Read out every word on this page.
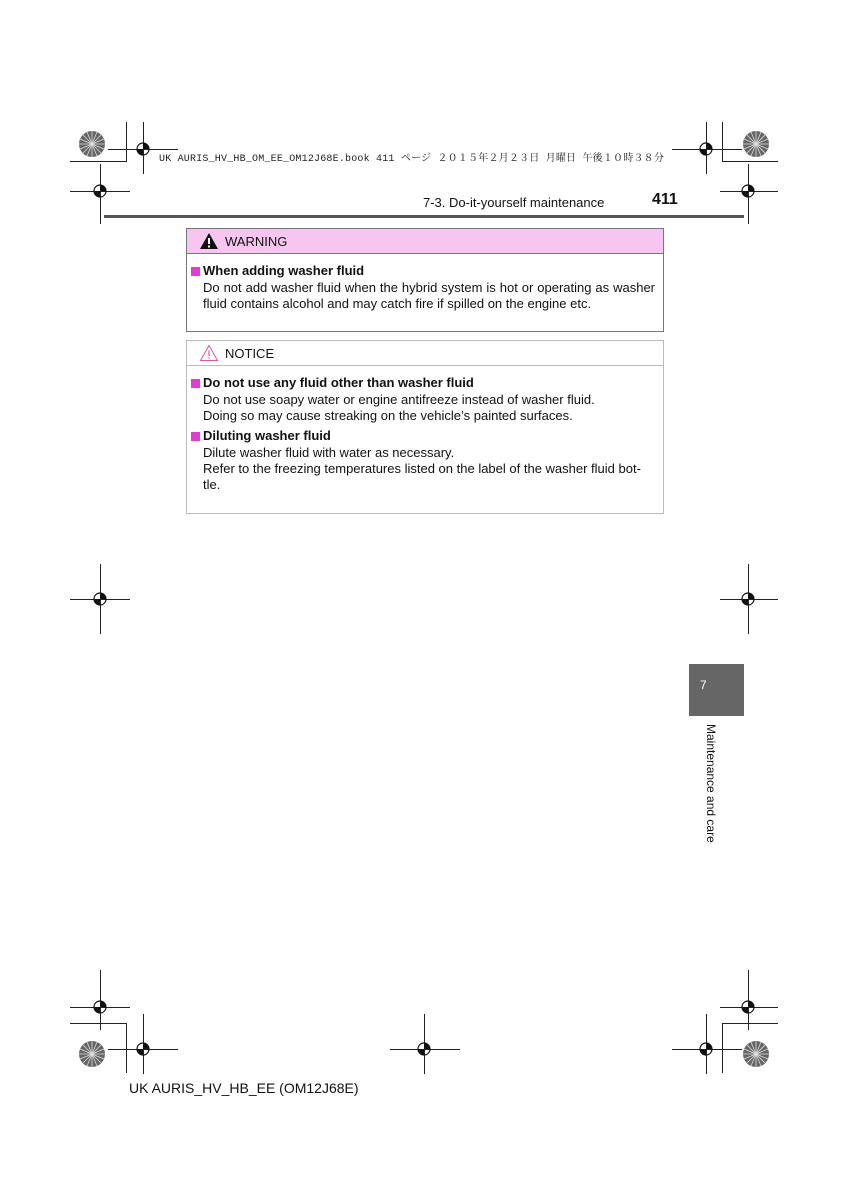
UK AURIS_HV_HB_OM_EE_OM12J68E.book 411 ページ ２０１５年２月２３日 月曜日 午後１０時３８分
7-3. Do-it-yourself maintenance	411
WARNING
When adding washer fluid
Do not add washer fluid when the hybrid system is hot or operating as washer fluid contains alcohol and may catch fire if spilled on the engine etc.
NOTICE
Do not use any fluid other than washer fluid
Do not use soapy water or engine antifreeze instead of washer fluid.
Doing so may cause streaking on the vehicle’s painted surfaces.
Diluting washer fluid
Dilute washer fluid with water as necessary.
Refer to the freezing temperatures listed on the label of the washer fluid bot-tle.
7
Maintenance and care
UK AURIS_HV_HB_EE (OM12J68E)
